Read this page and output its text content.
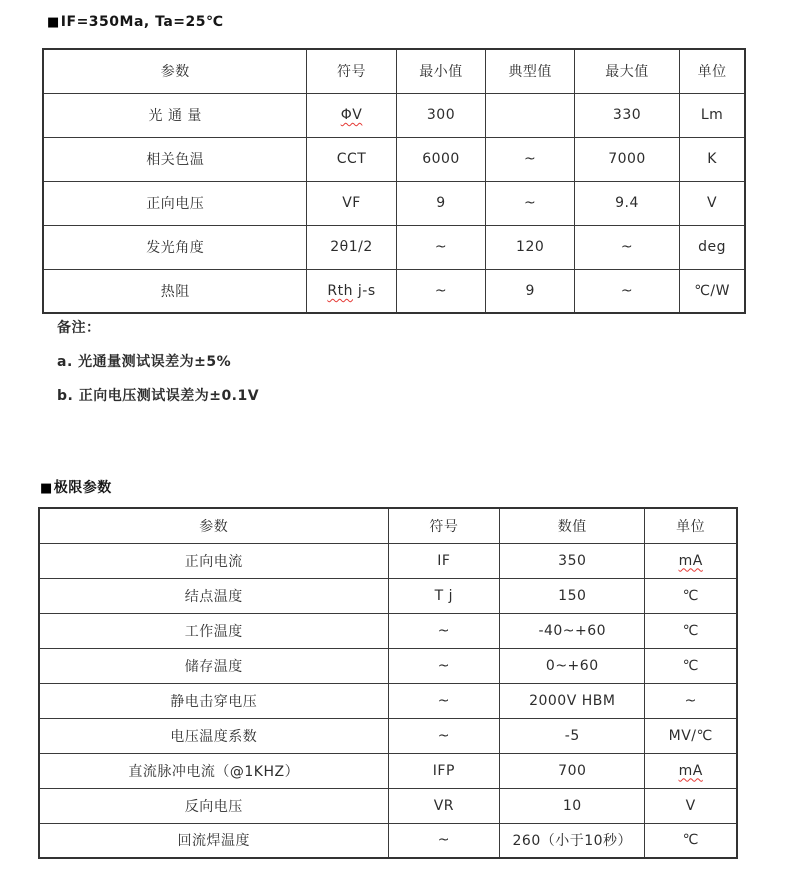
■IF=350Ma, Ta=25℃
参数	符号	最小值	典型值	最大值	单位
光 通 量	ΦV	300		330	Lm
相关色温	CCT	6000	~	7000	K
正向电压	VF	9	~	9.4	V
发光角度	2θ1/2	~	120	~	deg
热阻	Rth j-s	~	9	~	℃/W
备注：
a. 光通量测试误差为±5%
b. 正向电压测试误差为±0.1V
■极限参数
参数	符号	数值	单位
正向电流	IF	350	mA
结点温度	T j	150	℃
工作温度	~	-40~+60	℃
储存温度	~	0~+60	℃
静电击穿电压	~	2000V HBM	~
电压温度系数	~	-5	MV/℃
直流脉冲电流（@1KHZ）	IFP	700	mA
反向电压	VR	10	V
回流焊温度	~	260（小于10秒）	℃
